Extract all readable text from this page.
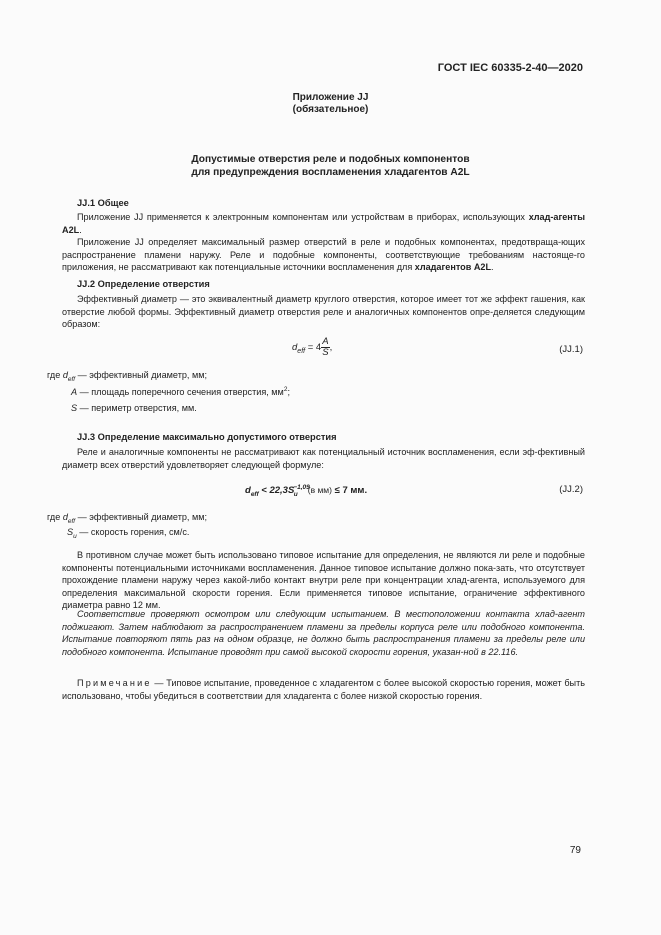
ГОСТ IEC 60335-2-40—2020
Приложение JJ
(обязательное)
Допустимые отверстия реле и подобных компонентов
для предупреждения воспламенения хладагентов A2L
JJ.1 Общее
Приложение JJ применяется к электронным компонентам или устройствам в приборах, использующих хлад-агенты A2L.
Приложение JJ определяет максимальный размер отверстий в реле и подобных компонентах, предотвраща-ющих распространение пламени наружу. Реле и подобные компоненты, соответствующие требованиям настояще-го приложения, не рассматривают как потенциальные источники воспламенения для хладагентов A2L.
JJ.2 Определение отверстия
Эффективный диаметр — это эквивалентный диаметр круглого отверстия, которое имеет тот же эффект гашения, как отверстие любой формы. Эффективный диаметр отверстия реле и аналогичных компонентов опре-деляется следующим образом:
$d_{eff} = 4 \frac{A}{S}$ ,	(JJ.1)
где $d_{eff}$ — эффективный диаметр, мм;
A — площадь поперечного сечения отверстия, $мм^2$;
S — периметр отверстия, мм.
JJ.3 Определение максимально допустимого отверстия
Реле и аналогичные компоненты не рассматривают как потенциальный источник воспламенения, если эф-фективный диаметр всех отверстий удовлетворяет следующей формуле:
$d_{eff} < 22,3S^{-1,09}_u$ (в мм) ≤ 7 мм.	(JJ.2)
где $d_{eff}$ — эффективный диаметр, мм;
$S_u$ — скорость горения, см/с.
В противном случае может быть использовано типовое испытание для определения, не являются ли реле и подобные компоненты потенциальными источниками воспламенения. Данное типовое испытание должно пока-зать, что отсутствует прохождение пламени наружу через какой-либо контакт внутри реле при концентрации хлад-агента, используемого для определения максимальной скорости горения. Если применяется типовое испытание, ограничение эффективного диаметра равно 12 мм.
Соответствие проверяют осмотром или следующим испытанием. В местоположении контакта хлад-агент поджигают. Затем наблюдают за распространением пламени за пределы корпуса реле или подобного компонента. Испытание повторяют пять раз на одном образце, не должно быть распространения пламени за пределы реле или подобного компонента. Испытание проводят при самой высокой скорости горения, указан-ной в 22.116.
Примечание — Типовое испытание, проведенное с хладагентом с более высокой скоростью горения, может быть использовано, чтобы убедиться в соответствии для хладагента с более низкой скоростью горения.
79
